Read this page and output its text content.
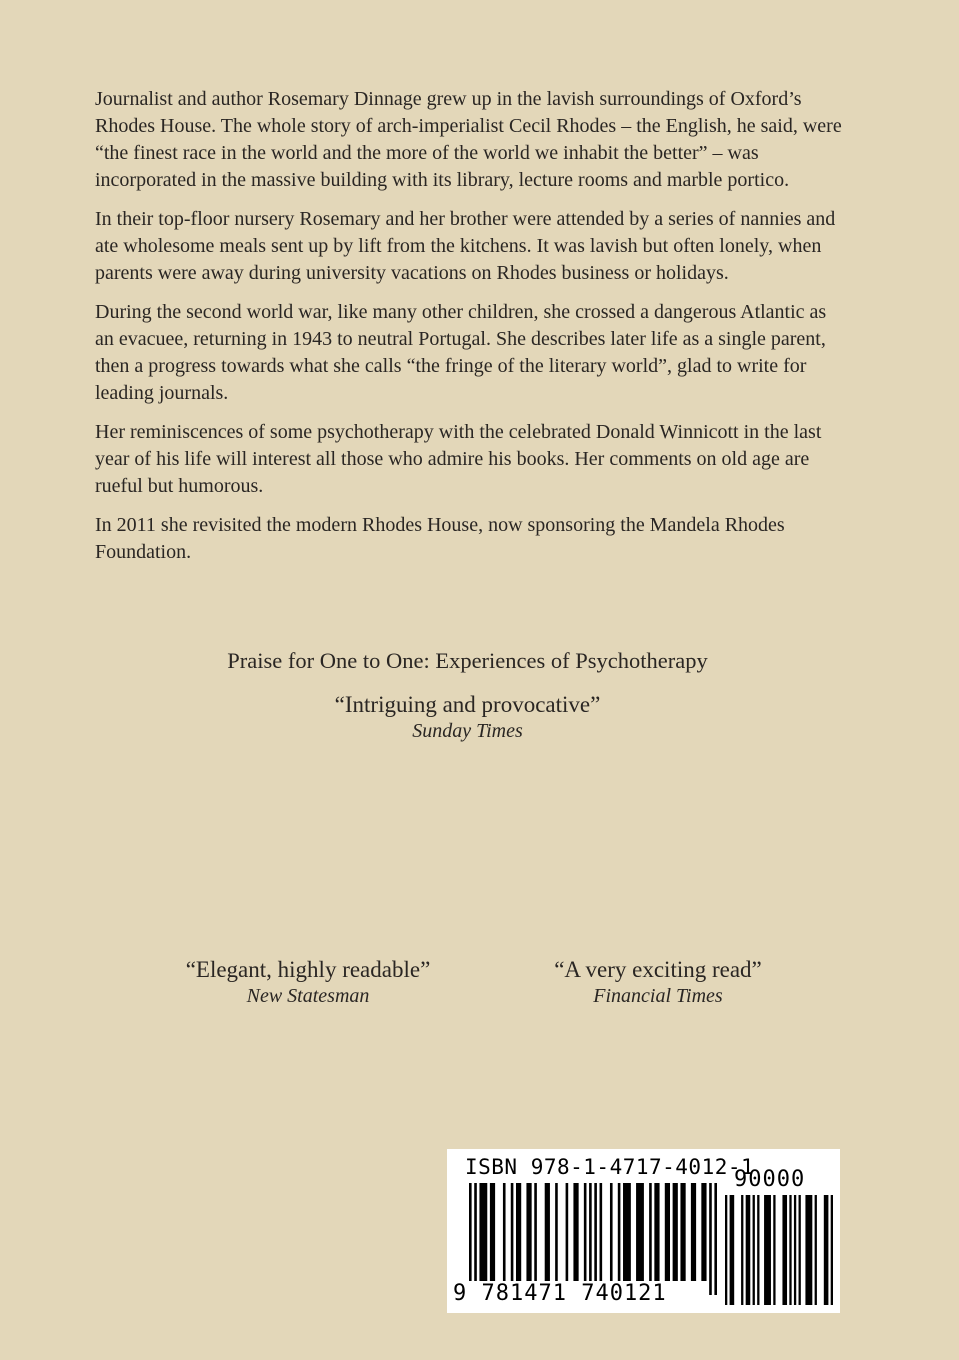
Journalist and author Rosemary Dinnage grew up in the lavish surroundings of Oxford’s Rhodes House. The whole story of arch-imperialist Cecil Rhodes – the English, he said, were “the finest race in the world and the more of the world we inhabit the better” – was incorporated in the massive building with its library, lecture rooms and marble portico.

In their top-floor nursery Rosemary and her brother were attended by a series of nannies and ate wholesome meals sent up by lift from the kitchens. It was lavish but often lonely, when parents were away during university vacations on Rhodes business or holidays.

During the second world war, like many other children, she crossed a dangerous Atlantic as an evacuee, returning in 1943 to neutral Portugal. She describes later life as a single parent, then a progress towards what she calls “the fringe of the literary world”, glad to write for leading journals.

Her reminiscences of some psychotherapy with the celebrated Donald Winnicott in the last year of his life will interest all those who admire his books. Her comments on old age are rueful but humorous.

In 2011 she revisited the modern Rhodes House, now sponsoring the Mandela Rhodes Foundation.

Praise for One to One: Experiences of Psychotherapy
“Intriguing and provocative”
Sunday Times
“Elegant, highly readable”
New Statesman
“A very exciting read”
Financial Times
ISBN 978-1-4717-4012-1
9 781471 740121
90000
